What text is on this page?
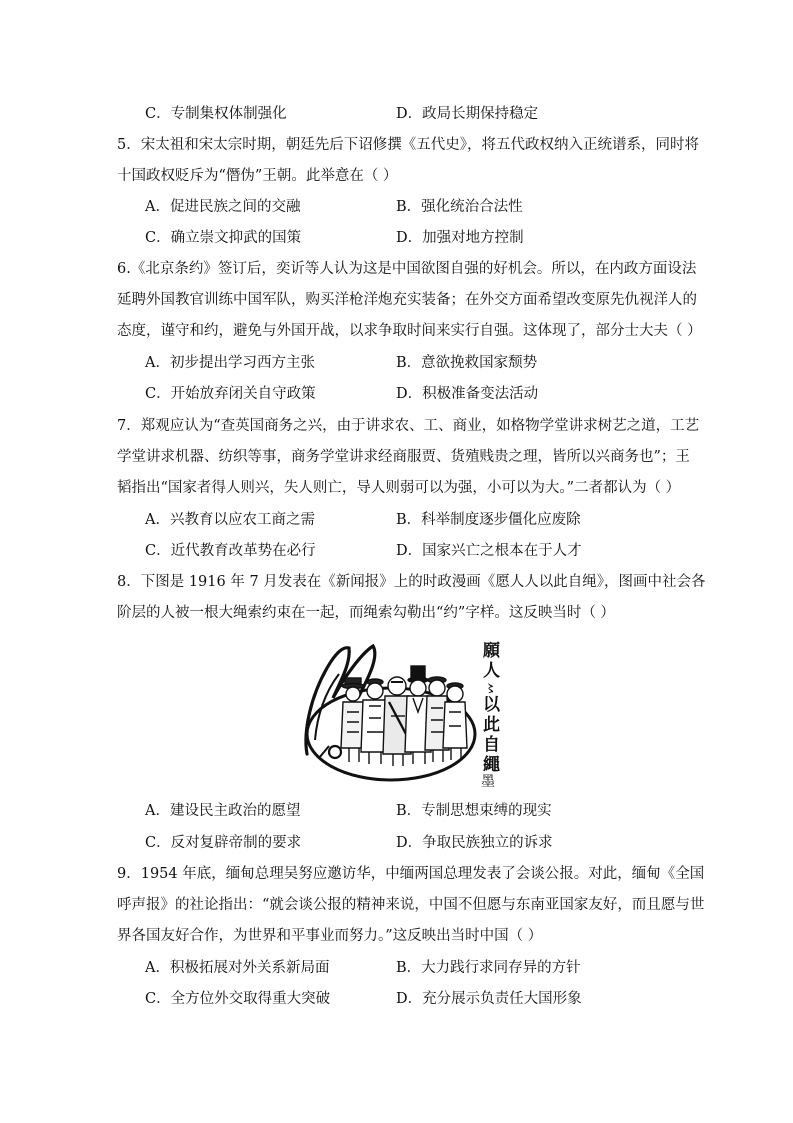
C．专制集权体制强化	D．政局长期保持稳定
5．宋太祖和宋太宗时期，朝廷先后下诏修撰《五代史》，将五代政权纳入正统谱系，同时将
十国政权贬斥为“僭伪”王朝。此举意在（ ）
A．促进民族之间的交融	B．强化统治合法性
C．确立崇文抑武的国策	D．加强对地方控制
6.《北京条约》签订后，奕䜣等人认为这是中国欲图自强的好机会。所以，在内政方面设法
延聘外国教官训练中国军队，购买洋枪洋炮充实装备；在外交方面希望改变原先仇视洋人的
态度，谨守和约，避免与外国开战，以求争取时间来实行自强。这体现了，部分士大夫（ ）
A．初步提出学习西方主张	B．意欲挽救国家颓势
C．开始放弃闭关自守政策	D．积极准备变法活动
7．郑观应认为“查英国商务之兴，由于讲求农、工、商业，如格物学堂讲求树艺之道，工艺
学堂讲求机器、纺织等事，商务学堂讲求经商服贾、货殖贱贵之理，皆所以兴商务也”；王
韬指出“国家者得人则兴，失人则亡，导人则弱可以为强，小可以为大。”二者都认为（ ）
A．兴教育以应农工商之需	B．科举制度逐步僵化应废除
C．近代教育改革势在必行	D．国家兴亡之根本在于人才
8．下图是 1916 年 7 月发表在《新闻报》上的时政漫画《愿人人以此自绳》，图画中社会各
阶层的人被一根大绳索约束在一起，而绳索勾勒出“约”字样。这反映当时（ ）
願
人
〻
以
此
自
繩
墨
A．建设民主政治的愿望	B．专制思想束缚的现实
C．反对复辟帝制的要求	D．争取民族独立的诉求
9．1954 年底，缅甸总理吴努应邀访华，中缅两国总理发表了会谈公报。对此，缅甸《全国
呼声报》的社论指出：“就会谈公报的精神来说，中国不但愿与东南亚国家友好，而且愿与世
界各国友好合作，为世界和平事业而努力。”这反映出当时中国（ ）
A．积极拓展对外关系新局面	B．大力践行求同存异的方针
C．全方位外交取得重大突破	D．充分展示负责任大国形象
